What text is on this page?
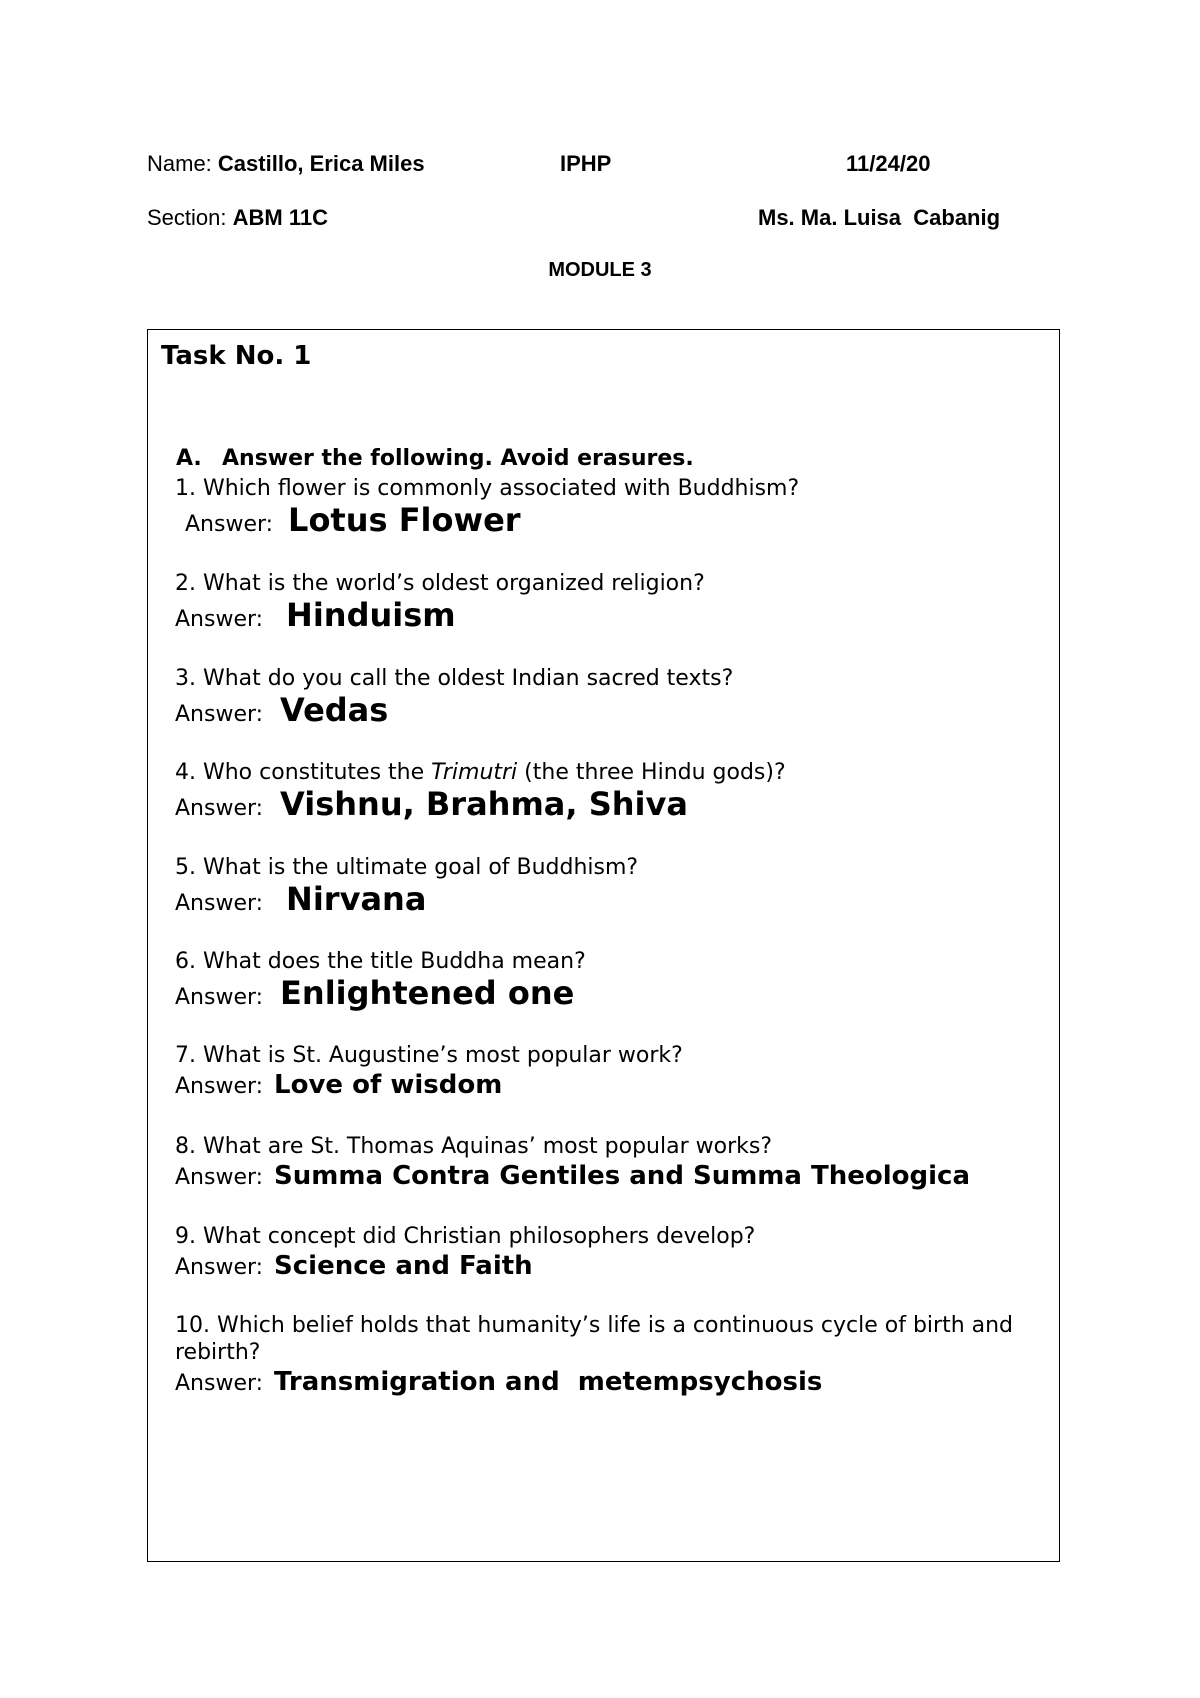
Name: Castillo, Erica Miles	IPHP	11/24/20
Section: ABM 11C	Ms. Ma. Luisa  Cabanig
MODULE 3
Task No. 1
A. Answer the following. Avoid erasures.
1. Which flower is commonly associated with Buddhism?
Answer: Lotus Flower
2. What is the world’s oldest organized religion?
Answer: Hinduism
3. What do you call the oldest Indian sacred texts?
Answer: Vedas
4. Who constitutes the Trimutri (the three Hindu gods)?
Answer: Vishnu, Brahma, Shiva
5. What is the ultimate goal of Buddhism?
Answer: Nirvana
6. What does the title Buddha mean?
Answer: Enlightened one
7. What is St. Augustine’s most popular work?
Answer: Love of wisdom
8. What are St. Thomas Aquinas’ most popular works?
Answer: Summa Contra Gentiles and Summa Theologica
9. What concept did Christian philosophers develop?
Answer: Science and Faith
10. Which belief holds that humanity’s life is a continuous cycle of birth and rebirth?
Answer: Transmigration and  metempsychosis
